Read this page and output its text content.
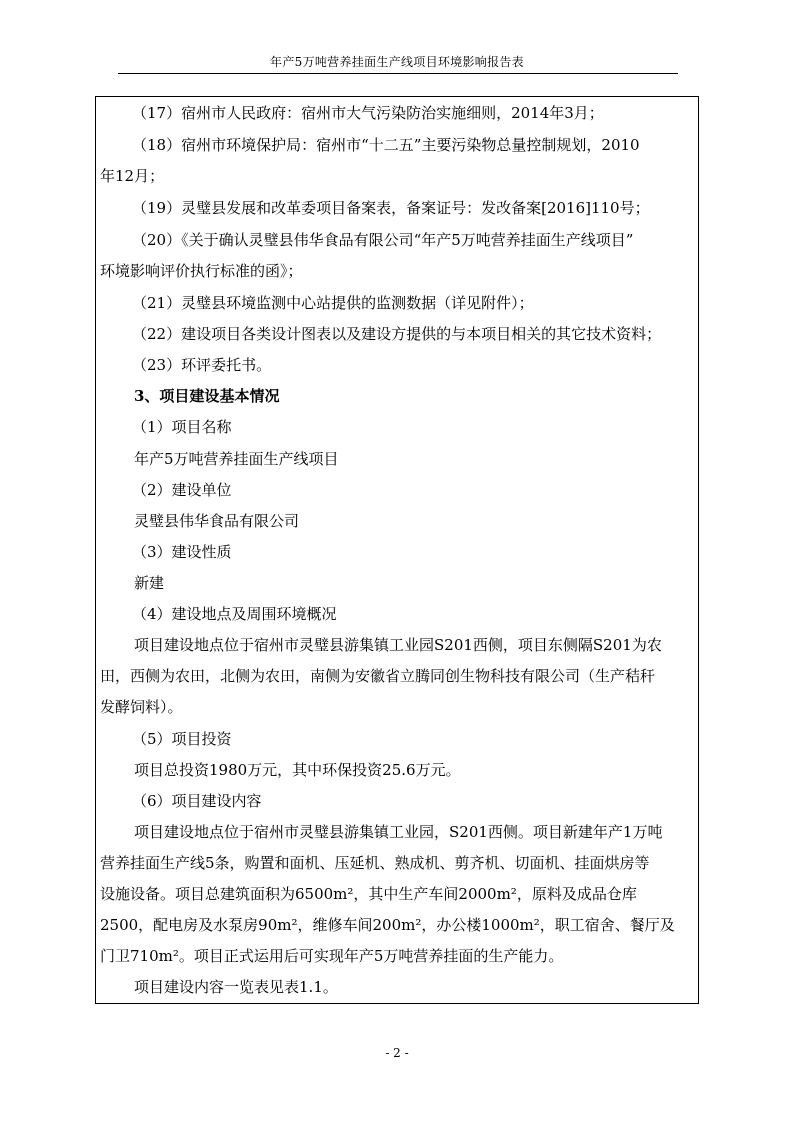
年产5万吨营养挂面生产线项目环境影响报告表
（17）宿州市人民政府：宿州市大气污染防治实施细则，2014年3月；
（18）宿州市环境保护局：宿州市“十二五”主要污染物总量控制规划，2010
年12月；
（19）灵璧县发展和改革委项目备案表，备案证号：发改备案[2016]110号；
（20）《关于确认灵璧县伟华食品有限公司“年产5万吨营养挂面生产线项目”
环境影响评价执行标准的函》；
（21）灵璧县环境监测中心站提供的监测数据（详见附件）；
（22）建设项目各类设计图表以及建设方提供的与本项目相关的其它技术资料；
（23）环评委托书。
3、项目建设基本情况
（1）项目名称
年产5万吨营养挂面生产线项目
（2）建设单位
灵璧县伟华食品有限公司
（3）建设性质
新建
（4）建设地点及周围环境概况
项目建设地点位于宿州市灵璧县游集镇工业园S201西侧，项目东侧隔S201为农
田，西侧为农田，北侧为农田，南侧为安徽省立腾同创生物科技有限公司（生产秸秆
发酵饲料）。
（5）项目投资
项目总投资1980万元，其中环保投资25.6万元。
（6）项目建设内容
项目建设地点位于宿州市灵璧县游集镇工业园，S201西侧。项目新建年产1万吨
营养挂面生产线5条，购置和面机、压延机、熟成机、剪齐机、切面机、挂面烘房等
设施设备。项目总建筑面积为6500m²，其中生产车间2000m²，原料及成品仓库
2500，配电房及水泵房90m²，维修车间200m²，办公楼1000m²，职工宿舍、餐厅及
门卫710m²。项目正式运用后可实现年产5万吨营养挂面的生产能力。
项目建设内容一览表见表1.1。
- 2 -
